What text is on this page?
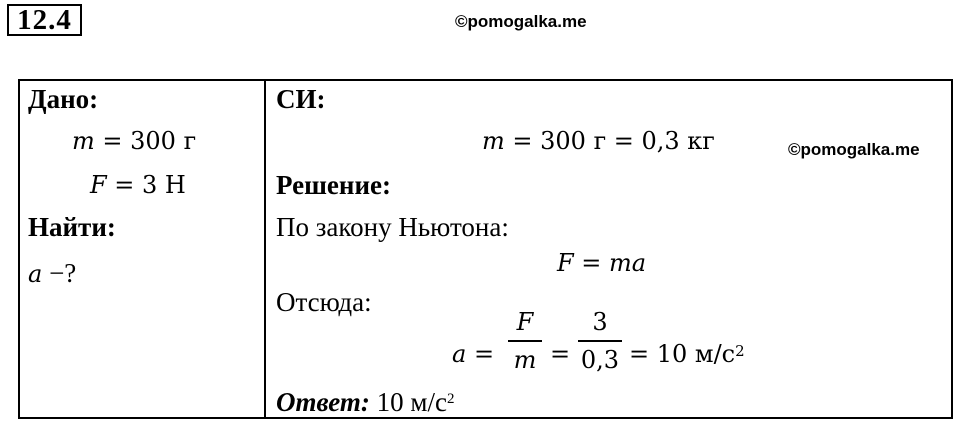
12.4	©pomogalka.me
Дано:
m = 300 г
F = 3 Н
Найти:
a −?
СИ:
m = 300 г = 0,3 кг
Решение:
По закону Ньютона:
F = ma
Отсюда:
a =
F
m =
3
0,3 = 10 $м/с^2$
Ответ: 10 $м/с^2$
©pomogalka.me
